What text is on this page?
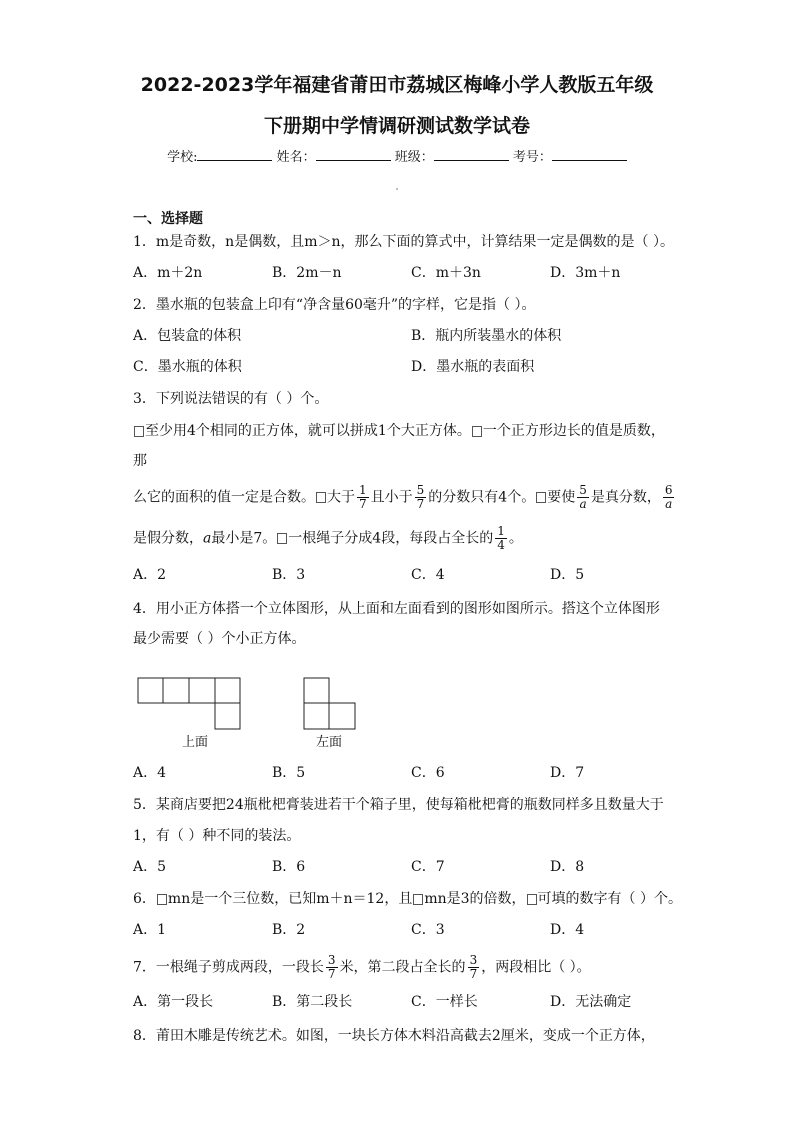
2022-2023学年福建省莆田市荔城区梅峰小学人教版五年级
下册期中学情调研测试数学试卷
学校:	姓名：	班级：	考号：
一、选择题
1．m是奇数，n是偶数，且m＞n，那么下面的算式中，计算结果一定是偶数的是（ ）。
A．m＋2n	B．2m－n	C．m＋3n	D．3m＋n
2．墨水瓶的包装盒上印有“净含量60毫升”的字样，它是指（ ）。
A．包装盒的体积	B．瓶内所装墨水的体积
C．墨水瓶的体积	D．墨水瓶的表面积
3．下列说法错误的有（ ）个。
至少用4个相同的正方体，就可以拼成1个大正方体。 一个正方形边长的值是质数，
那
么它的面积的值一定是合数。 大于 $\frac{1}{7}$ 且小于 $\frac{5}{7}$ 的分数只有4个。 要使 $\frac{5}{a}$ 是真分数， $\frac{6}{a}$
是假分数，a最小是7。 一根绳子分成4段，每段占全长的 $\frac{1}{4}$ 。
A．2	B．3	C．4	D．5
4．用小正方体搭一个立体图形，从上面和左面看到的图形如图所示。搭这个立体图形
最少需要（ ）个小正方体。
上面	左面
A．4	B．5	C．6	D．7
5．某商店要把24瓶枇杷膏装进若干个箱子里，使每箱枇杷膏的瓶数同样多且数量大于
1，有（ ）种不同的装法。
A．5	B．6	C．7	D．8
6． mn是一个三位数，已知m＋n＝12，且 mn是3的倍数， 可填的数字有（ ）个。
A．1	B．2	C．3	D．4
7．一根绳子剪成两段，一段长 $\frac{3}{7}$ 米，第二段占全长的 $\frac{3}{7}$ ，两段相比（ ）。
A．第一段长	B．第二段长	C．一样长	D．无法确定
8．莆田木雕是传统艺术。如图，一块长方体木料沿高截去2厘米，变成一个正方体，
